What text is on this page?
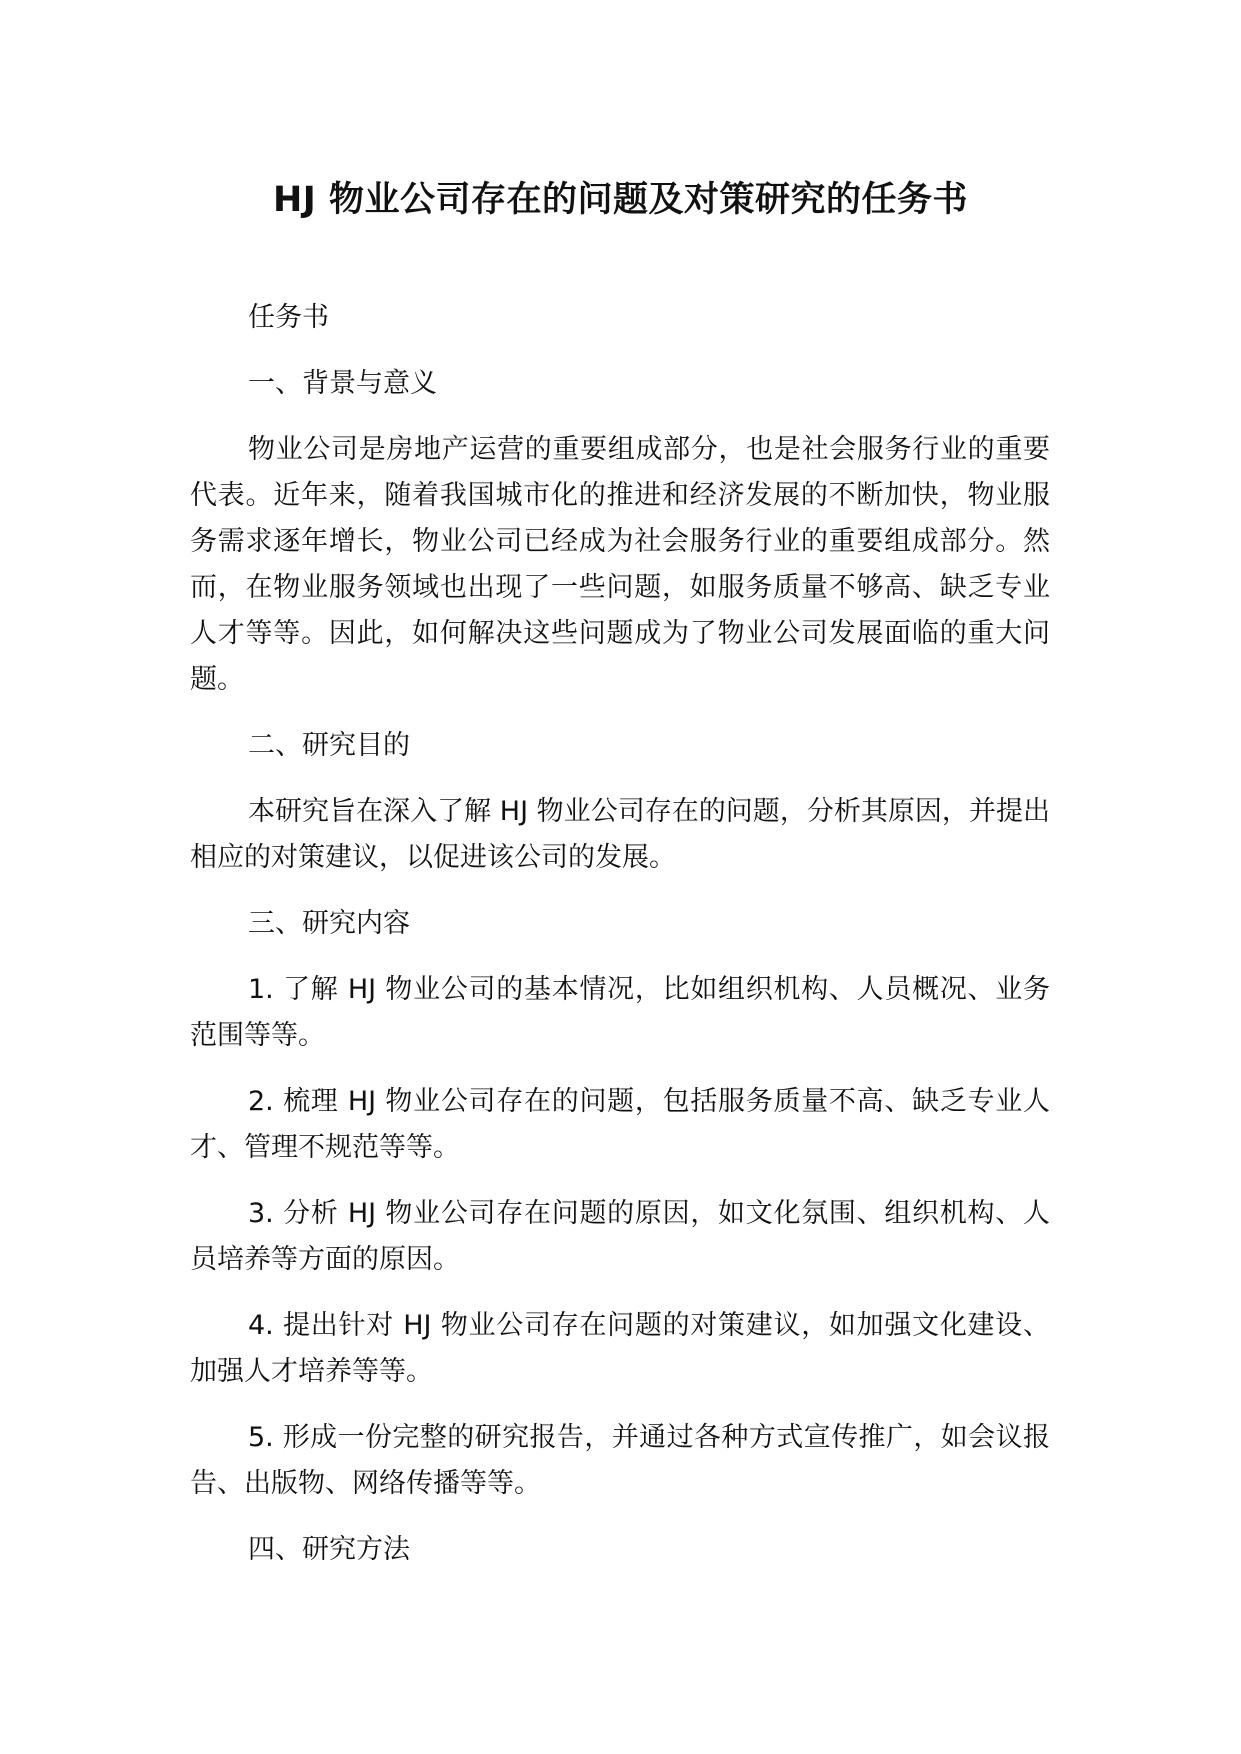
HJ 物业公司存在的问题及对策研究的任务书

任务书

一、背景与意义

物业公司是房地产运营的重要组成部分，也是社会服务行业的重要代表。近年来，随着我国城市化的推进和经济发展的不断加快，物业服务需求逐年增长，物业公司已经成为社会服务行业的重要组成部分。然而，在物业服务领域也出现了一些问题，如服务质量不够高、缺乏专业人才等等。因此，如何解决这些问题成为了物业公司发展面临的重大问题。

二、研究目的

本研究旨在深入了解 HJ 物业公司存在的问题，分析其原因，并提出相应的对策建议，以促进该公司的发展。

三、研究内容

1. 了解 HJ 物业公司的基本情况，比如组织机构、人员概况、业务范围等等。

2. 梳理 HJ 物业公司存在的问题，包括服务质量不高、缺乏专业人才、管理不规范等等。

3. 分析 HJ 物业公司存在问题的原因，如文化氛围、组织机构、人员培养等方面的原因。

4. 提出针对 HJ 物业公司存在问题的对策建议，如加强文化建设、加强人才培养等等。

5. 形成一份完整的研究报告，并通过各种方式宣传推广，如会议报告、出版物、网络传播等等。

四、研究方法
